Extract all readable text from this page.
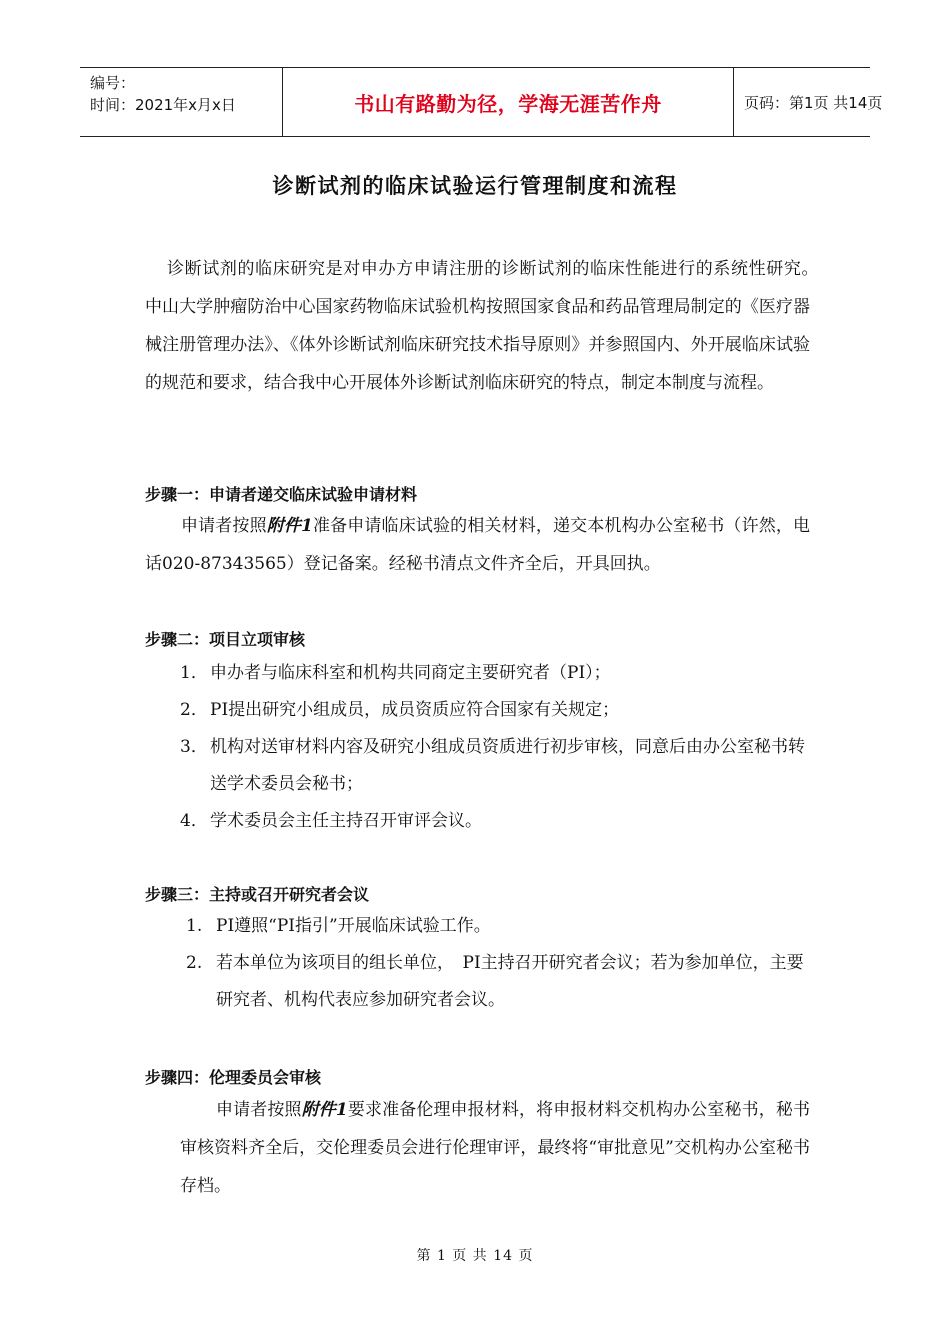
编号：
时间：2021年x月x日	书山有路勤为径，学海无涯苦作舟	页码：第1页 共14页
诊断试剂的临床试验运行管理制度和流程
诊断试剂的临床研究是对申办方申请注册的诊断试剂的临床性能进行的系统性研究。　中山大学肿瘤防治中心国家药物临床试验机构按照国家食品和药品管理局制定的《医疗器械注册管理办法》、《体外诊断试剂临床研究技术指导原则》并参照国内、外开展临床试验的规范和要求，结合我中心开展体外诊断试剂临床研究的特点，制定本制度与流程。
步骤一：申请者递交临床试验申请材料
申请者按照附件1准备申请临床试验的相关材料，递交本机构办公室秘书（许然，电话020-87343565）登记备案。经秘书清点文件齐全后，开具回执。
步骤二：项目立项审核
1． 申办者与临床科室和机构共同商定主要研究者（PI）；
2． PI提出研究小组成员，成员资质应符合国家有关规定；
3． 机构对送审材料内容及研究小组成员资质进行初步审核，同意后由办公室秘书转送学术委员会秘书；
4． 学术委员会主任主持召开审评会议。
步骤三：主持或召开研究者会议
1. PI遵照“PI指引”开展临床试验工作。
2. 若本单位为该项目的组长单位，　PI主持召开研究者会议；若为参加单位，主要研究者、机构代表应参加研究者会议。
步骤四：伦理委员会审核
申请者按照附件1要求准备伦理申报材料，将申报材料交机构办公室秘书，秘书审核资料齐全后，交伦理委员会进行伦理审评，最终将“审批意见”交机构办公室秘书存档。
第 1 页 共 14 页
